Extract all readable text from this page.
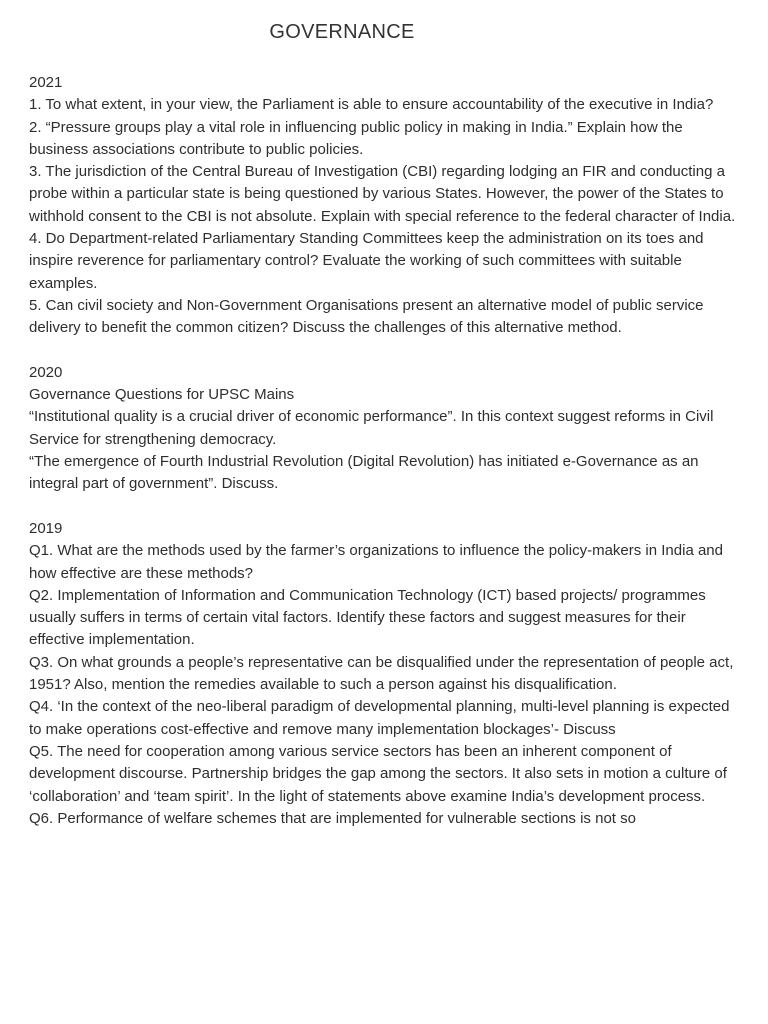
GOVERNANCE
2021
1. To what extent, in your view, the Parliament is able to ensure accountability of the executive in India?
2. “Pressure groups play a vital role in influencing public policy in making in India.” Explain how the business associations contribute to public policies.
3. The jurisdiction of the Central Bureau of Investigation (CBI) regarding lodging an FIR and conducting a probe within a particular state is being questioned by various States. However, the power of the States to withhold consent to the CBI is not absolute. Explain with special reference to the federal character of India.
4. Do Department-related Parliamentary Standing Committees keep the administration on its toes and inspire reverence for parliamentary control? Evaluate the working of such committees with suitable examples.
5. Can civil society and Non-Government Organisations present an alternative model of public service delivery to benefit the common citizen? Discuss the challenges of this alternative method.
2020
Governance Questions for UPSC Mains
“Institutional quality is a crucial driver of economic performance”. In this context suggest reforms in Civil Service for strengthening democracy.
“The emergence of Fourth Industrial Revolution (Digital Revolution) has initiated e-Governance as an integral part of government”. Discuss.
2019
Q1. What are the methods used by the farmer’s organizations to influence the policy-makers in India and how effective are these methods?
Q2. Implementation of Information and Communication Technology (ICT) based projects/ programmes usually suffers in terms of certain vital factors. Identify these factors and suggest measures for their effective implementation.
Q3. On what grounds a people’s representative can be disqualified under the representation of people act, 1951? Also, mention the remedies available to such a person against his disqualification.
Q4. ‘In the context of the neo-liberal paradigm of developmental planning, multi-level planning is expected to make operations cost-effective and remove many implementation blockages’- Discuss
Q5. The need for cooperation among various service sectors has been an inherent component of development discourse. Partnership bridges the gap among the sectors. It also sets in motion a culture of ‘collaboration’ and ‘team spirit’. In the light of statements above examine India’s development process.
Q6. Performance of welfare schemes that are implemented for vulnerable sections is not so
